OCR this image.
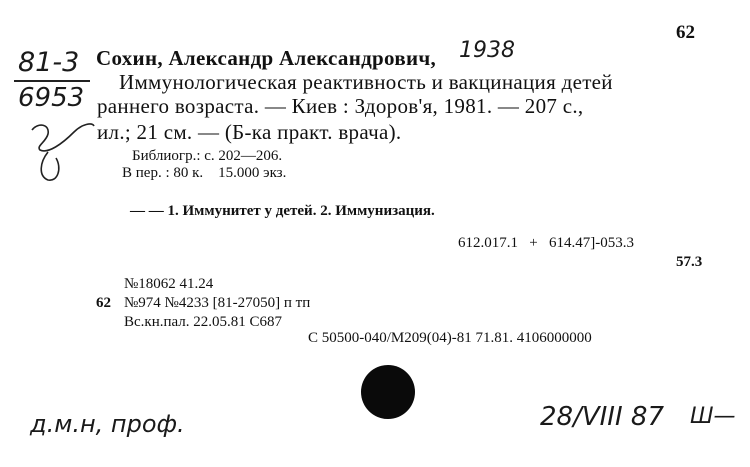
62
81-3
6953
Сохин, Александр Александрович, 1938
Иммунологическая реактивность и вакцинация детей
раннего возраста. — Киев : Здоров'я, 1981. — 207 с.,
ил.; 21 см. — (Б-ка практ. врача).
Библиогр.: с. 202—206.
В пер. : 80 к.    15.000 экз.
— — 1. Иммунитет у детей. 2. Иммунизация.
612.017.1   +   614.47]-053.3
57.3
№18062 41.24
62 №974 №4233 [81-27050] п тп
Вс.кн.пал. 22.05.81 С687
С 50500-040/М209(04)-81 71.81. 4106000000
д.м.н, проф.	28/VIII 87 Ш—
